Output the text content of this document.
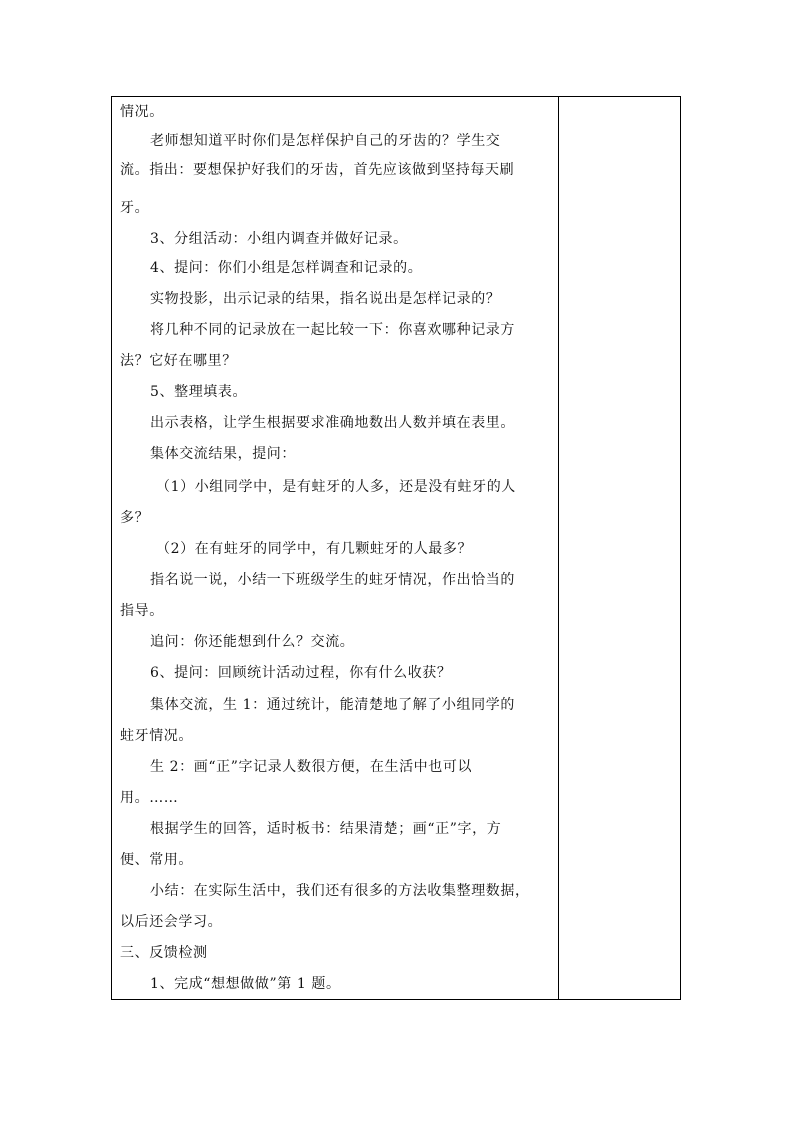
情况。
老师想知道平时你们是怎样保护自己的牙齿的？学生交
流。指出：要想保护好我们的牙齿，首先应该做到坚持每天刷
牙。
3、分组活动：小组内调查并做好记录。
4、提问：你们小组是怎样调查和记录的。
实物投影，出示记录的结果，指名说出是怎样记录的？
将几种不同的记录放在一起比较一下：你喜欢哪种记录方
法？它好在哪里？
5、整理填表。
出示表格，让学生根据要求准确地数出人数并填在表里。
集体交流结果，提问：
（1）小组同学中，是有蛀牙的人多，还是没有蛀牙的人
多？
（2）在有蛀牙的同学中，有几颗蛀牙的人最多？
指名说一说，小结一下班级学生的蛀牙情况，作出恰当的
指导。
追问：你还能想到什么？交流。
6、提问：回顾统计活动过程，你有什么收获？
集体交流，生 1：通过统计，能清楚地了解了小组同学的
蛀牙情况。
生 2：画“正”字记录人数很方便，在生活中也可以
用。……
根据学生的回答，适时板书：结果清楚；画“正”字，方
便、常用。
小结：在实际生活中，我们还有很多的方法收集整理数据，
以后还会学习。
三、反馈检测
1、完成“想想做做”第 1 题。
